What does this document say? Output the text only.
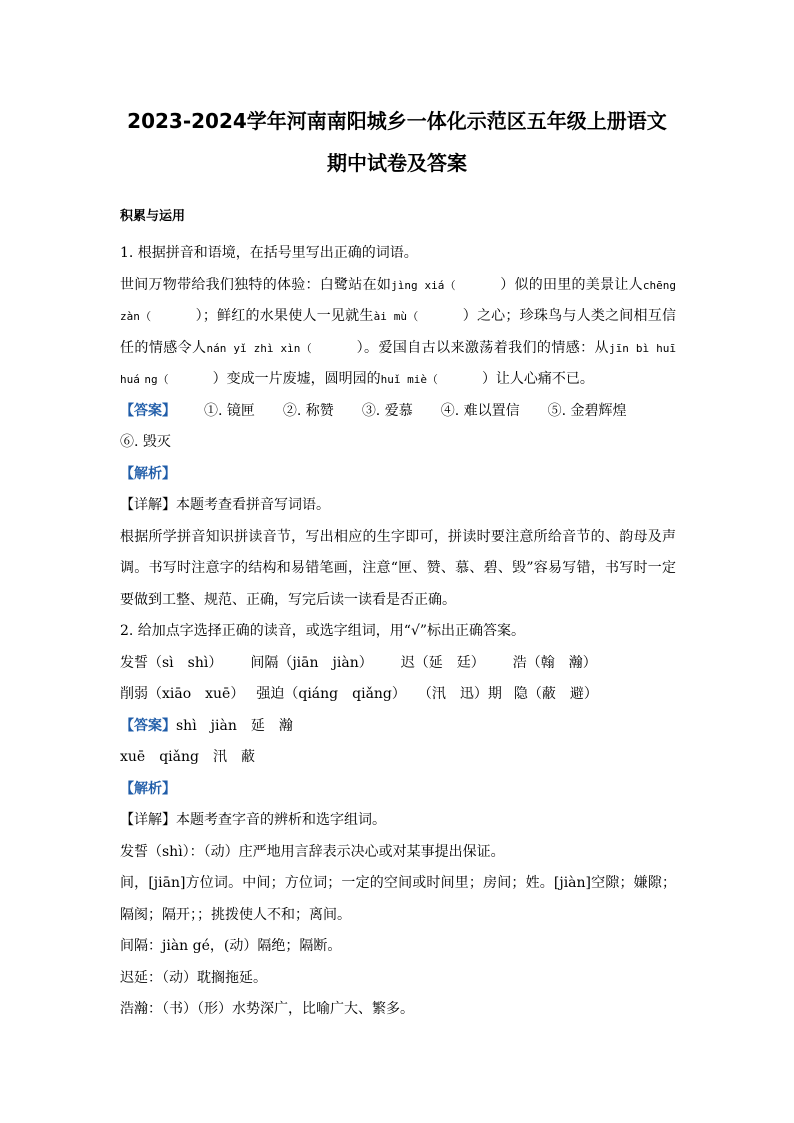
2023-2024学年河南南阳城乡一体化示范区五年级上册语文
期中试卷及答案
积累与运用
1. 根据拼音和语境，在括号里写出正确的词语。
世间万物带给我们独特的体验：白鹭站在如jìng xiá（	）似的田里的美景让人chēng zàn（	）；鲜红的水果使人一见就生ài mù（	）之心；珍珠鸟与人类之间相互信任的情感令人nán yǐ zhì xìn（	）。爱国自古以来激荡着我们的情感：从jīn bì huī huá ng（	）变成一片废墟，圆明园的huǐ miè（	）让人心痛不已。
【答案】 ①. 镜匣 ②. 称赞 ③. 爱慕 ④. 难以置信 ⑤. 金碧辉煌
⑥. 毁灭
【解析】
【详解】本题考查看拼音写词语。
根据所学拼音知识拼读音节，写出相应的生字即可，拼读时要注意所给音节的、韵母及声调。书写时注意字的结构和易错笔画，注意“匣、赞、慕、碧、毁”容易写错，书写时一定要做到工整、规范、正确，写完后读一读看是否正确。
2. 给加点字选择正确的读音，或选字组词，用“√”标出正确答案。
发誓（sì　shì） 间隔（jiān　jiàn） 迟（延　廷） 浩（翰　瀚）
削弱（xiāo　xuē） 强迫（qiáng　qiǎng） （汛　迅）期 隐（蔽　避）
【答案】shì　jiàn　延　瀚
xuē　qiǎng　汛　蔽
【解析】
【详解】本题考查字音的辨析和选字组词。
发誓（shì）：（动）庄严地用言辞表示决心或对某事提出保证。
间，[jiān]方位词。中间；方位词；一定的空间或时间里；房间；姓。[jiàn]空隙；嫌隙；隔阂；隔开；；挑拨使人不和；离间。
间隔：jiàn gé，(动）隔绝；隔断。
迟延：（动）耽搁拖延。
浩瀚：（书）（形）水势深广，比喻广大、繁多。
